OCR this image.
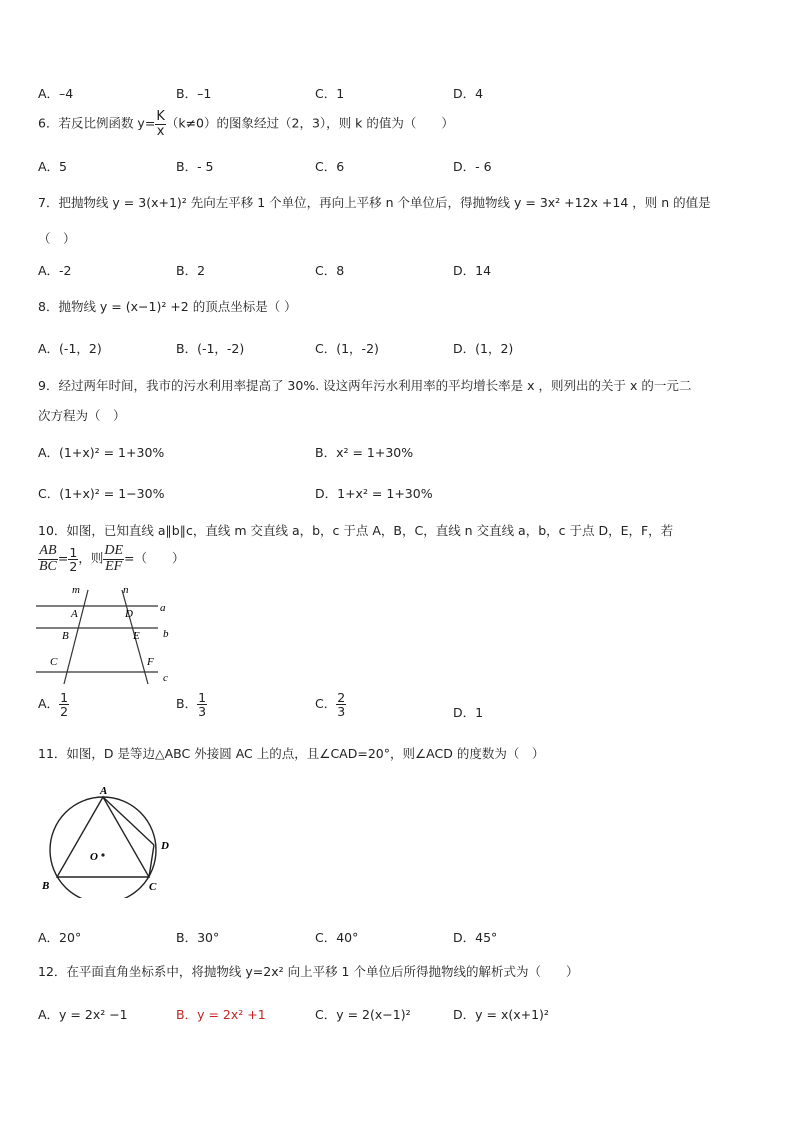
A．–4	B．–1	C．1	D．4
6．若反比例函数 $y= \frac{K}{x} (k\ne 0)$的图象经过（2，3），则 k 的值为（　　）
A．5	B．- 5	C．6	D．- 6
7．把抛物线 y = 3(x+1)² 先向左平移 1 个单位，再向上平移 n 个单位后，得抛物线 y = 3x² +12x +14 ，则 n 的值是
（　）
A．-2	B．2	C．8	D．14
8．抛物线 y = (x−1)² +2 的顶点坐标是（ ）
A．(-1，2)	B．(-1，-2)	C．(1，-2)	D．(1，2)
9．经过两年时间，我市的污水利用率提高了 30%. 设这两年污水利用率的平均增长率是 x ，则列出的关于 x 的一元二
次方程为（　）
A．(1+x)² = 1+30%	B．x² = 1+30%
C．(1+x)² = 1−30%	D．1+x² = 1+30%
10．如图，已知直线 a∥b∥c，直线 m 交直线 a，b，c 于点 A，B，C，直线 n 交直线 a，b，c 于点 D，E，F，若
$\frac{AB}{BC} = \frac{1}{2}$ ，则 $\frac{DE}{EF}$ =（　　）
m	n
A	D a
B	E b
C	F
c
A． $\frac{1}{2}$	B． $\frac{1}{3}$	C． $\frac{2}{3}$	D．1
11．如图，D 是等边△ABC 外接圆 AC 上的点，且∠CAD=20°，则∠ACD 的度数为（　）
A
B	C
D
O
A．20°	B．30°	C．40°	D．45°
12．在平面直角坐标系中，将抛物线 y=2x² 向上平移 1 个单位后所得抛物线的解析式为（　　）
A．y = 2x² −1	B．y = 2x² +1	C．y = 2(x−1)²	D．y = x(x+1)²
